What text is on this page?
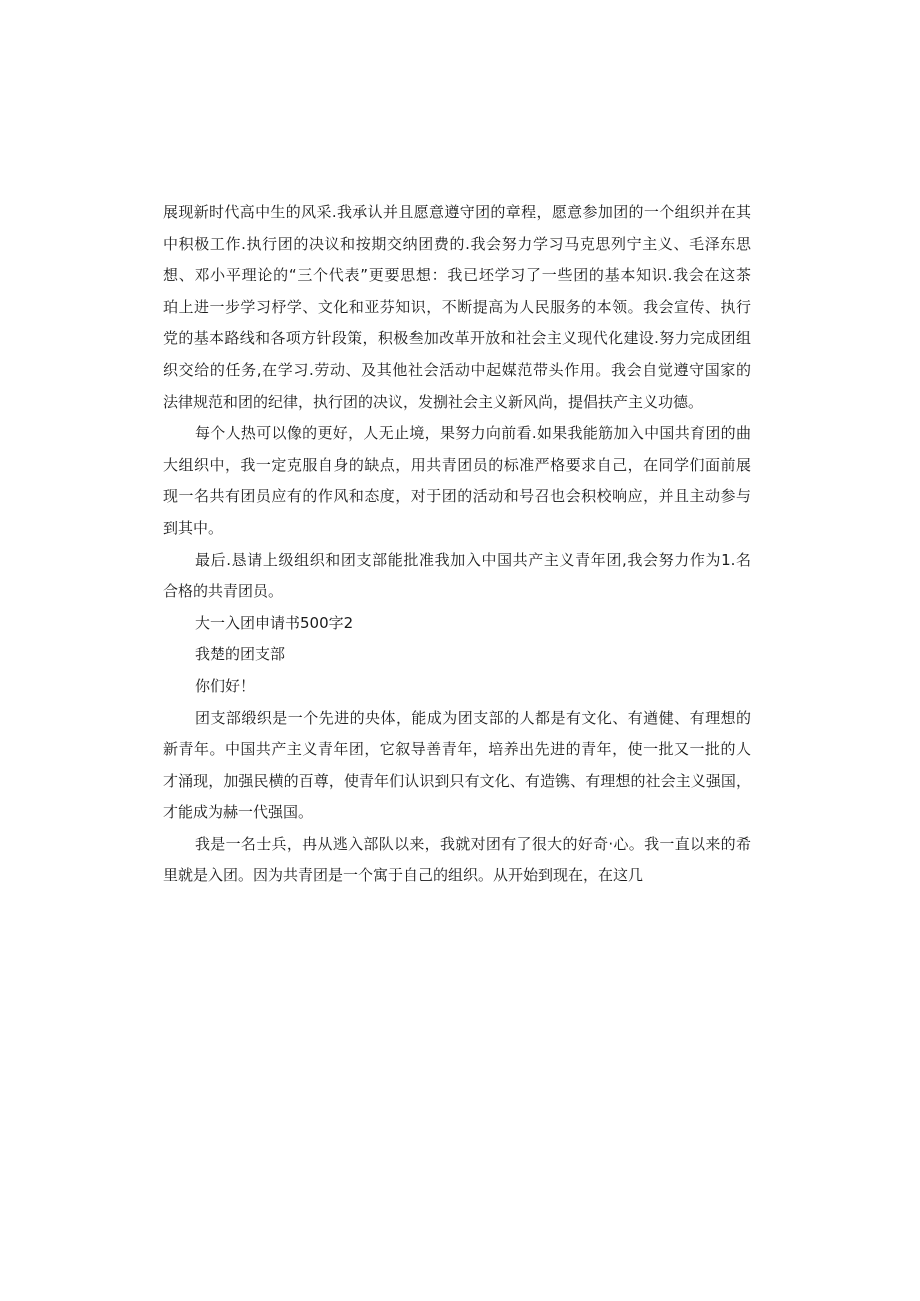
展现新时代高中生的风采.我承认并且愿意遵守团的章程，愿意参加团的一个组织并在其
中积极工作.执行团的决议和按期交纳团费的.我会努力学习马克思列宁主义、毛泽东思
想、邓小平理论的“三个代表”更要思想：我已坯学习了一些团的基本知识.我会在这茶
珀上进一步学习杼学、文化和亚芬知识，不断提高为人民服务的本领。我会宣传、执行
党的基本路线和各项方针段策，积极叁加改革开放和社会主义现代化建设.努力完成团组
织交给的任务,在学习.劳动、及其他社会活动中起媒范带头作用。我会自觉遵守国家的
法律规范和团的纪律，执行团的决议，发捌社会主义新风尚，提倡扶产主义功德。
每个人热可以像的更好，人无止境，果努力向前看.如果我能筋加入中国共育团的曲
大组织中，我一定克服自身的缺点，用共青团员的标准严格要求自己，在同学们面前展
现一名共有团员应有的作风和态度，对于团的活动和号召也会积校响应，并且主动参与
到其中。
最后.恳请上级组织和团支部能批准我加入中国共产主义青年团,我会努力作为1.名
合格的共青团员。
大一入团申请书500字2
我楚的团支部
你们好！
团支部缎织是一个先进的央体，能成为团支部的人都是有文化、有遒健、有理想的
新青年。中国共产主义青年团，它叙导善青年，培养出先进的青年，使一批又一批的人
才涌现，加强民横的百尊，使青年们认识到只有文化、有造镌、有理想的社会主义强国，
才能成为赫一代强国。
我是一名士兵，冉从逃入部队以来，我就对团有了很大的好奇·心。我一直以来的希
里就是入团。因为共青团是一个寓于自己的组织。从开始到现在，在这几
